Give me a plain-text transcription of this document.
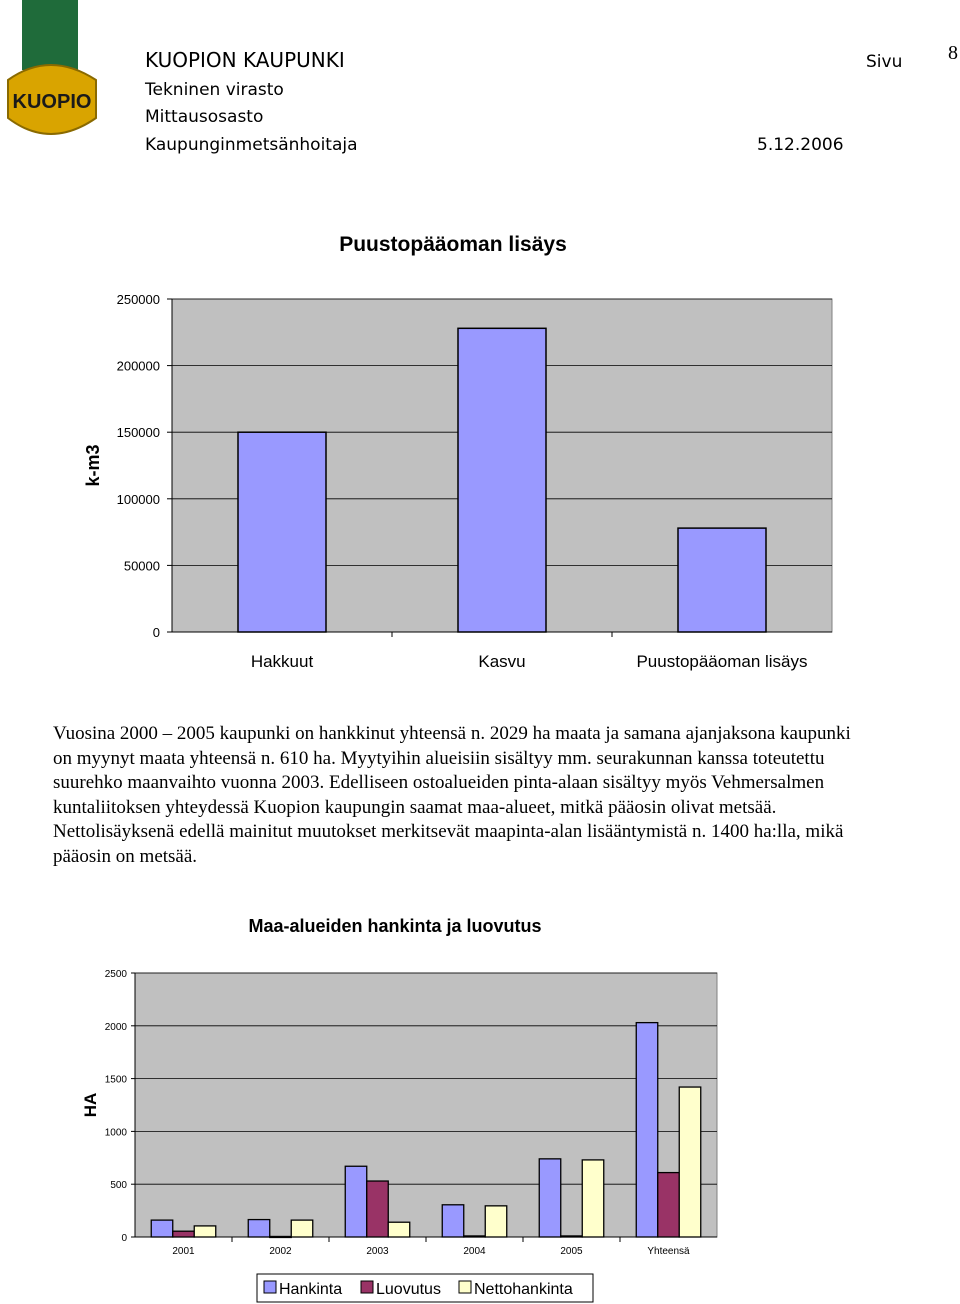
KUOPIO
KUOPION KAUPUNKI
Tekninen virasto
Mittausosasto
Kaupunginmetsänhoitaja	5.12.2006
Sivu 8
Puustopääoman lisäys
0
50000
100000
150000
200000
250000
Hakkuut	Kasvu	Puustopääoman lisäys
k-m3
Vuosina 2000 – 2005 kaupunki on hankkinut yhteensä n. 2029 ha maata ja samana ajanjaksona kaupunki
on myynyt maata yhteensä n. 610 ha. Myytyihin alueisiin sisältyy mm. seurakunnan kanssa toteutettu
suurehko maanvaihto vuonna 2003. Edelliseen ostoalueiden pinta-alaan sisältyy myös Vehmersalmen
kuntaliitoksen yhteydessä Kuopion kaupungin saamat maa-alueet, mitkä pääosin olivat metsää.
Nettolisäyksenä edellä mainitut muutokset merkitsevät maapinta-alan lisääntymistä n. 1400 ha:lla, mikä
pääosin on metsää.
Maa-alueiden hankinta ja luovutus
0
500
1000
1500
2000
2500
2001	2002	2003	2004	2005	Yhteensä
HA
Hankinta Luovutus Nettohankinta
